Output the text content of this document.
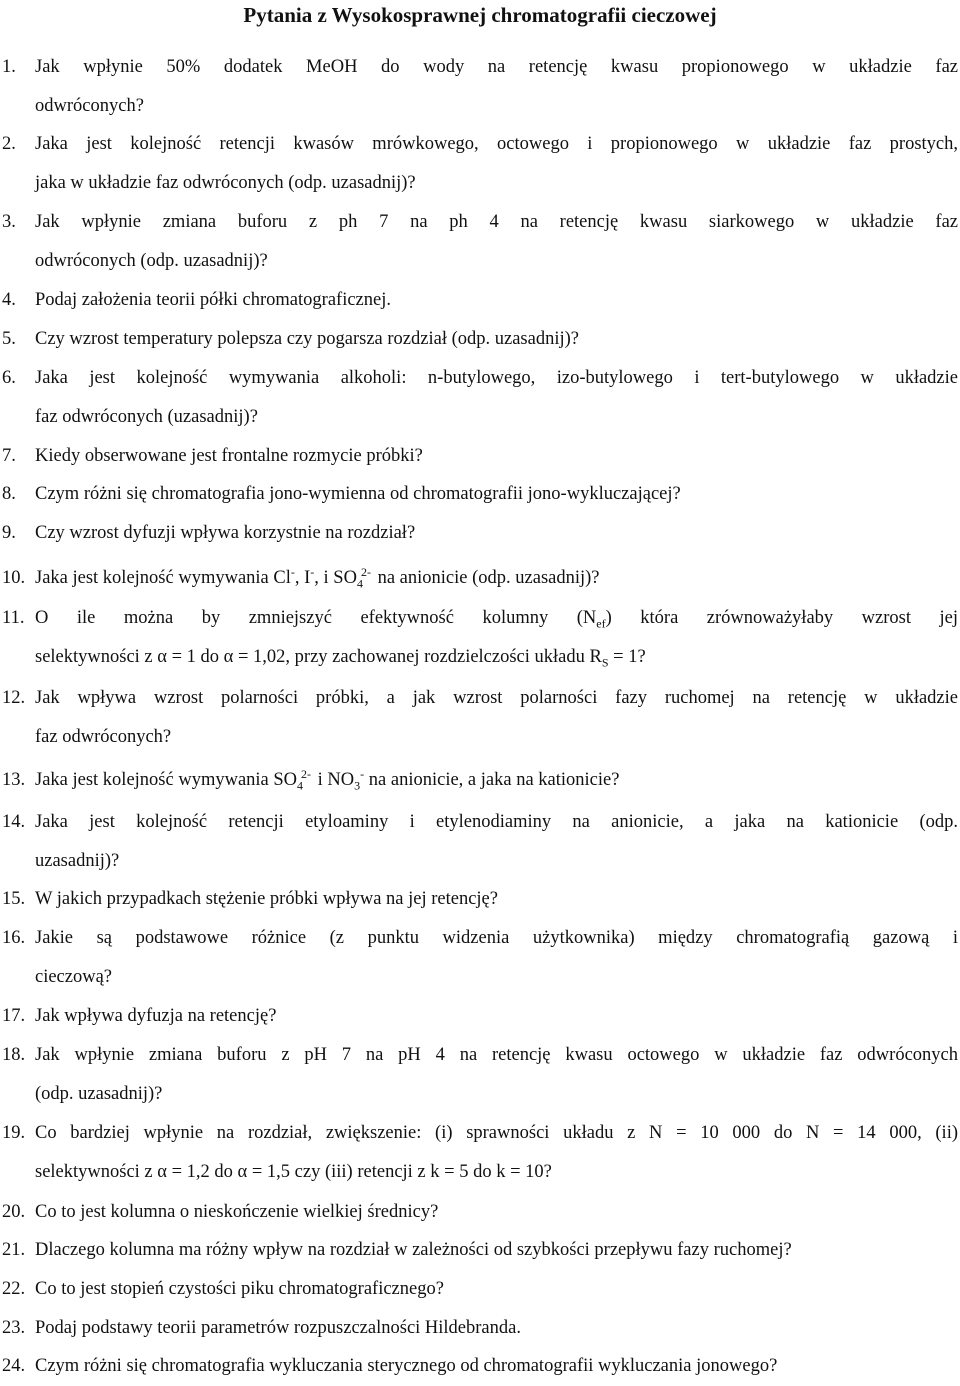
Pytania z Wysokosprawnej chromatografii cieczowej
1. Jak wpłynie 50% dodatek MeOH do wody na retencję kwasu propionowego w układzie faz
odwróconych?
2. Jaka jest kolejność retencji kwasów mrówkowego, octowego i propionowego w układzie faz prostych,
jaka w układzie faz odwróconych (odp. uzasadnij)?
3. Jak wpłynie zmiana buforu z ph 7 na ph 4 na retencję kwasu siarkowego w układzie faz
odwróconych (odp. uzasadnij)?
4. Podaj założenia teorii półki chromatograficznej.
5. Czy wzrost temperatury polepsza czy pogarsza rozdział (odp. uzasadnij)?
6. Jaka jest kolejność wymywania alkoholi: n-butylowego, izo-butylowego i tert-butylowego w układzie
faz odwróconych (uzasadnij)?
7. Kiedy obserwowane jest frontalne rozmycie próbki?
8. Czym różni się chromatografia jono-wymienna od chromatografii jono-wykluczającej?
9. Czy wzrost dyfuzji wpływa korzystnie na rozdział?
10. Jaka jest kolejność wymywania Cl-, I-, i $SO_4^{2-}$ na anionicie (odp. uzasadnij)?
11. O ile można by zmniejszyć efektywność kolumny $(N_{ef})$ która zrównoważyłaby wzrost jej
selektywności z α = 1 do α = 1,02, przy zachowanej rozdzielczości układu $R_S = 1$?
12. Jak wpływa wzrost polarności próbki, a jak wzrost polarności fazy ruchomej na retencję w układzie
faz odwróconych?
13. Jaka jest kolejność wymywania $SO_4^{2-}$ i $NO_3^-$ na anionicie, a jaka na kationicie?
14. Jaka jest kolejność retencji etyloaminy i etylenodiaminy na anionicie, a jaka na kationicie (odp.
uzasadnij)?
15. W jakich przypadkach stężenie próbki wpływa na jej retencję?
16. Jakie są podstawowe różnice (z punktu widzenia użytkownika) między chromatografią gazową i
cieczową?
17. Jak wpływa dyfuzja na retencję?
18. Jak wpłynie zmiana buforu z pH 7 na pH 4 na retencję kwasu octowego w układzie faz odwróconych
(odp. uzasadnij)?
19. Co bardziej wpłynie na rozdział, zwiększenie: (i) sprawności układu z N = 10 000 do N = 14 000, (ii)
selektywności z α = 1,2 do α = 1,5 czy (iii) retencji z k = 5 do k = 10?
20. Co to jest kolumna o nieskończenie wielkiej średnicy?
21. Dlaczego kolumna ma różny wpływ na rozdział w zależności od szybkości przepływu fazy ruchomej?
22. Co to jest stopień czystości piku chromatograficznego?
23. Podaj podstawy teorii parametrów rozpuszczalności Hildebranda.
24. Czym różni się chromatografia wykluczania sterycznego od chromatografii wykluczania jonowego?
